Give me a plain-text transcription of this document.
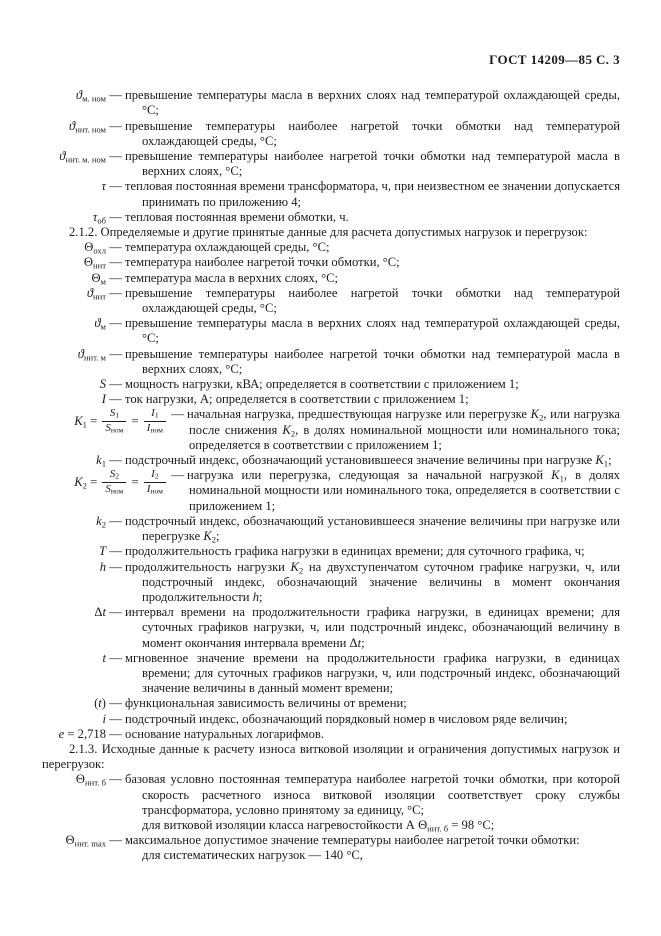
ГОСТ 14209—85 С. 3
$ϑ_{м. ном}$ — превышение температуры масла в верхних слоях над температурой охлаждающей среды, °С;
$ϑ_{ннт. ном}$ — превышение температуры наиболее нагретой точки обмотки над температурой охлаждающей среды, °С;
$ϑ_{ннт. м. ном}$ — превышение температуры наиболее нагретой точки обмотки над температурой масла в верхних слоях, °С;
τ — тепловая постоянная времени трансформатора, ч, при неизвестном ее значении допускается принимать по приложению 4;
$\tau_{об}$ — тепловая постоянная времени обмотки, ч.
2.1.2. Определяемые и другие принятые данные для расчета допустимых нагрузок и перегрузок:
$\Theta_{охл}$ — температура охлаждающей среды, °С;
$\Theta_{ннт}$ — температура наиболее нагретой точки обмотки, °С;
$\Theta_м$ — температура масла в верхних слоях, °С;
$ϑ_{ннт}$ — превышение температуры наиболее нагретой точки обмотки над температурой охлаждающей среды, °С;
$ϑ_м$ — превышение температуры масла в верхних слоях над температурой охлаждающей среды, °С;
$ϑ_{ннт. м}$ — превышение температуры наиболее нагретой точки обмотки над температурой масла в верхних слоях, °С;
S — мощность нагрузки, кВА; определяется в соответствии с приложением 1;
I — ток нагрузки, А; определяется в соответствии с приложением 1;
$K_1 = \frac{S_1}{S_{ном}} = \frac{I_1}{I_{ном}}$ — начальная нагрузка, предшествующая нагрузке или перегрузке $K_2$, или нагрузка после снижения $K_2$, в долях номинальной мощности или номинального тока; определяется в соответствии с приложением 1;
$k_1$ — подстрочный индекс, обозначающий установившееся значение величины при нагрузке $K_1$;
$K_2 = \frac{S_2}{S_{ном}} = \frac{I_2}{I_{ном}}$ — нагрузка или перегрузка, следующая за начальной нагрузкой $K_1$, в долях номинальной мощности или номинального тока, определяется в соответствии с приложением 1;
$k_2$ — подстрочный индекс, обозначающий установившееся значение величины при нагрузке или перегрузке $K_2$;
T — продолжительность графика нагрузки в единицах времени; для суточного графика, ч;
h — продолжительность нагрузки $K_2$ на двухступенчатом суточном графике нагрузки, ч, или подстрочный индекс, обозначающий значение величины в момент окончания продолжительности h;
Δt — интервал времени на продолжительности графика нагрузки, в единицах времени; для суточных графиков нагрузки, ч, или подстрочный индекс, обозначающий величину в момент окончания интервала времени Δt;
t — мгновенное значение времени на продолжительности графика нагрузки, в единицах времени; для суточных графиков нагрузки, ч, или подстрочный индекс, обозначающий значение величины в данный момент времени;
(t) — функциональная зависимость величины от времени;
i — подстрочный индекс, обозначающий порядковый номер в числовом ряде величин;
e = 2,718 — основание натуральных логарифмов.
2.1.3. Исходные данные к расчету износа витковой изоляции и ограничения допустимых нагрузок и перегрузок:
$\Theta_{ннт. б}$ — базовая условно постоянная температура наиболее нагретой точки обмотки, при которой скорость расчетного износа витковой изоляции соответствует сроку службы трансформатора, условно принятому за единицу, °С;
для витковой изоляции класса нагревостойкости А $\Theta_{ннт. б} = 98$ °С;
$\Theta_{ннт. max}$ — максимальное допустимое значение температуры наиболее нагретой точки обмотки:
для систематических нагрузок — 140 °С,
